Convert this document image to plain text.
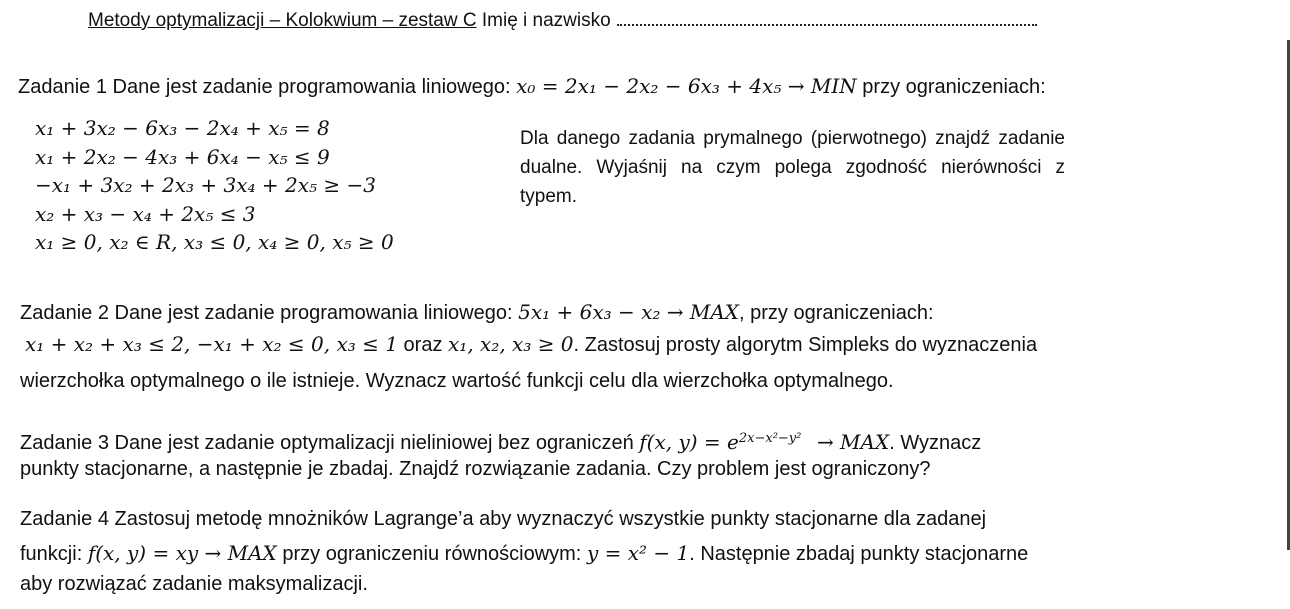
Metody optymalizacji – Kolokwium – zestaw C Imię i nazwisko
Zadanie 1 Dane jest zadanie programowania liniowego: x₀ = 2x₁ − 2x₂ − 6x₃ + 4x₅ → MIN przy ograniczeniach:
x₁ + 3x₂ − 6x₃ − 2x₄ + x₅ = 8
x₁ + 2x₂ − 4x₃ + 6x₄ − x₅ ≤ 9
−x₁ + 3x₂ + 2x₃ + 3x₄ + 2x₅ ≥ −3
x₂ + x₃ − x₄ + 2x₅ ≤ 3
x₁ ≥ 0, x₂ ∈ R, x₃ ≤ 0, x₄ ≥ 0, x₅ ≥ 0
Dla danego zadania prymalnego (pierwotnego) znajdź zadanie dualne. Wyjaśnij na czym polega zgodność nierówności z typem.
Zadanie 2 Dane jest zadanie programowania liniowego: 5x₁ + 6x₃ − x₂ → MAX, przy ograniczeniach:
x₁ + x₂ + x₃ ≤ 2, −x₁ + x₂ ≤ 0, x₃ ≤ 1 oraz x₁, x₂, x₃ ≥ 0. Zastosuj prosty algorytm Simpleks do wyznaczenia
wierzchołka optymalnego o ile istnieje. Wyznacz wartość funkcji celu dla wierzchołka optymalnego.
Zadanie 3 Dane jest zadanie optymalizacji nieliniowej bez ograniczeń f(x, $y) = e^{2x-x^2-y^2}$ → MAX. Wyznacz
punkty stacjonarne, a następnie je zbadaj. Znajdź rozwiązanie zadania. Czy problem jest ograniczony?
Zadanie 4 Zastosuj metodę mnożników Lagrange’a aby wyznaczyć wszystkie punkty stacjonarne dla zadanej
funkcji: f(x, y) = xy → MAX przy ograniczeniu równościowym: y = x² − 1. Następnie zbadaj punkty stacjonarne
aby rozwiązać zadanie maksymalizacji.
